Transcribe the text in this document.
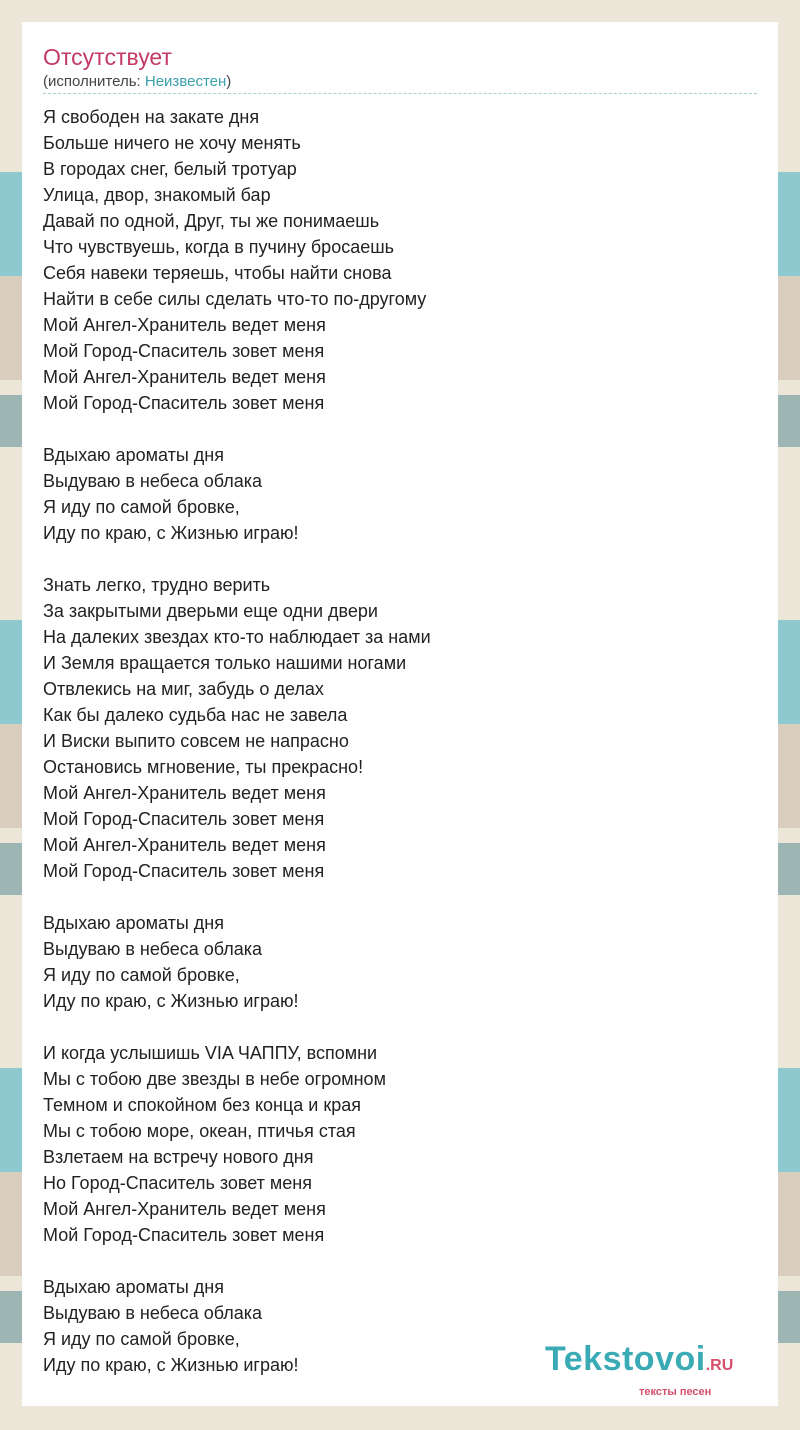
Отсутствует
(исполнитель: Неизвестен)
Я свободен на закате дня
Больше ничего не хочу менять
В городах снег, белый тротуар
Улица, двор, знакомый бар
Давай по одной, Друг, ты же понимаешь
Что чувствуешь, когда в пучину бросаешь
Себя навеки теряешь, чтобы найти снова
Найти в себе силы сделать что-то по-другому
Мой Ангел-Хранитель ведет меня
Мой Город-Спаситель зовет меня
Мой Ангел-Хранитель ведет меня
Мой Город-Спаситель зовет меня
Вдыхаю ароматы дня
Выдуваю в небеса облака
Я иду по самой бровке,
Иду по краю, с Жизнью играю!
Знать легко, трудно верить
За закрытыми дверьми еще одни двери
На далеких звездах кто-то наблюдает за нами
И Земля вращается только нашими ногами
Отвлекись на миг, забудь о делах
Как бы далеко судьба нас не завела
И Виски выпито совсем не напрасно
Остановись мгновение, ты прекрасно!
Мой Ангел-Хранитель ведет меня
Мой Город-Спаситель зовет меня
Мой Ангел-Хранитель ведет меня
Мой Город-Спаситель зовет меня
Вдыхаю ароматы дня
Выдуваю в небеса облака
Я иду по самой бровке,
Иду по краю, с Жизнью играю!
И когда услышишь VIA ЧАППУ, вспомни
Мы с тобою две звезды в небе огромном
Темном и спокойном без конца и края
Мы с тобою море, океан, птичья стая
Взлетаем на встречу нового дня
Но Город-Спаситель зовет меня
Мой Ангел-Хранитель ведет меня
Мой Город-Спаситель зовет меня
Вдыхаю ароматы дня
Выдуваю в небеса облака
Я иду по самой бровке,
Иду по краю, с Жизнью играю!	Tekstovoi.RU
тексты песен
